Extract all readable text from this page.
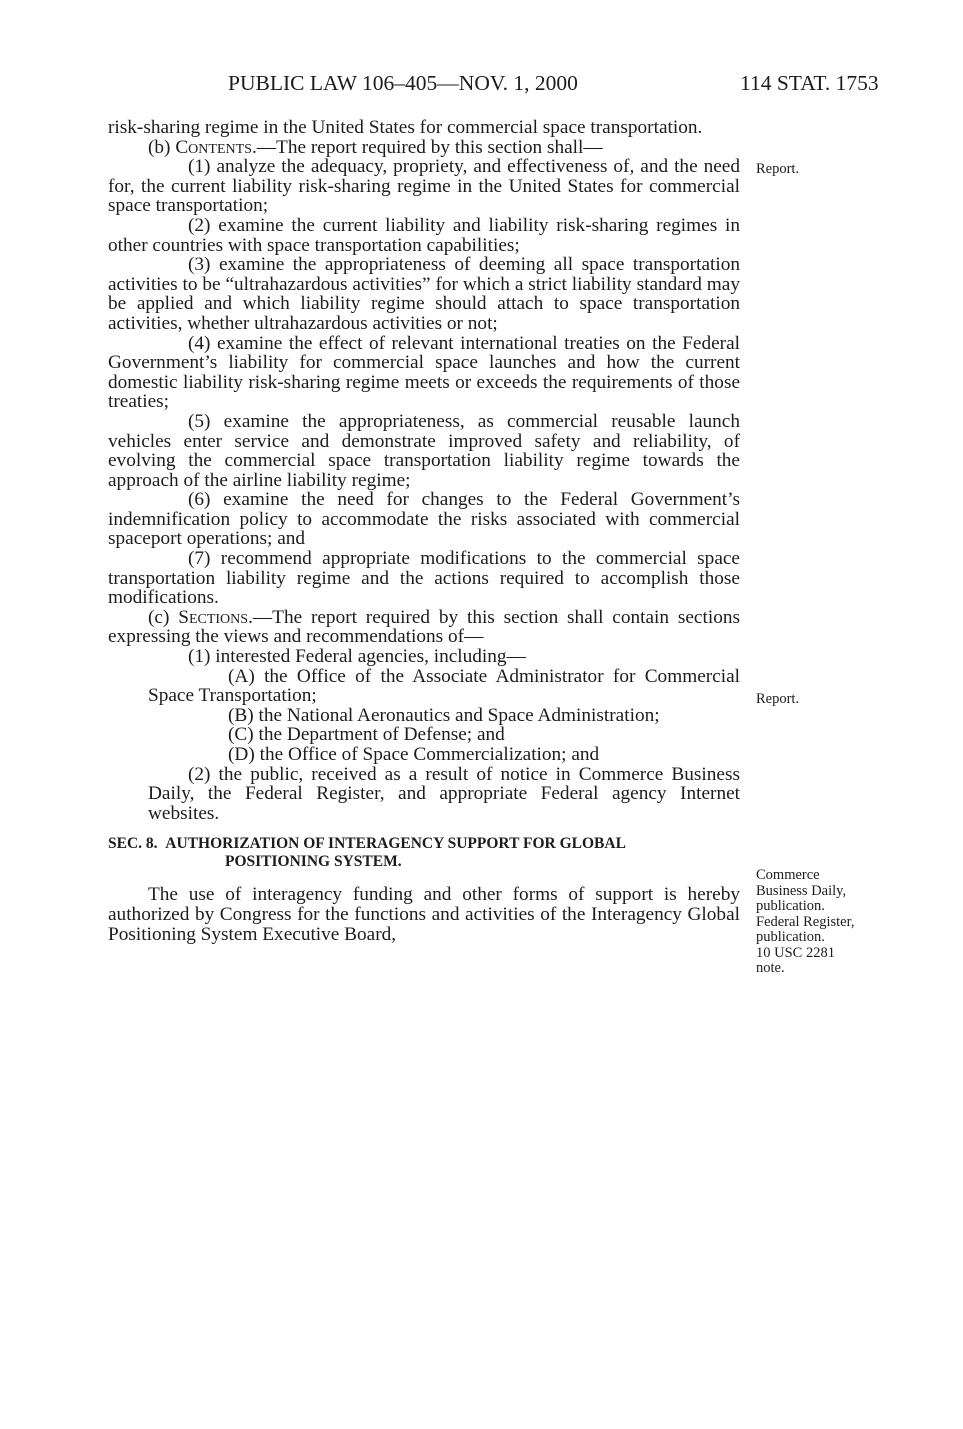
PUBLIC LAW 106–405—NOV. 1, 2000	114 STAT. 1753

risk-sharing regime in the United States for commercial space transportation.

(b) Contents.—The report required by this section shall—

(1) analyze the adequacy, propriety, and effectiveness of, and the need for, the current liability risk-sharing regime in the United States for commercial space transportation;

(2) examine the current liability and liability risk-sharing regimes in other countries with space transportation capabilities;

(3) examine the appropriateness of deeming all space transportation activities to be “ultrahazardous activities” for which a strict liability standard may be applied and which liability regime should attach to space transportation activities, whether ultrahazardous activities or not;

(4) examine the effect of relevant international treaties on the Federal Government’s liability for commercial space launches and how the current domestic liability risk-sharing regime meets or exceeds the requirements of those treaties;

(5) examine the appropriateness, as commercial reusable launch vehicles enter service and demonstrate improved safety and reliability, of evolving the commercial space transportation liability regime towards the approach of the airline liability regime;

(6) examine the need for changes to the Federal Government’s indemnification policy to accommodate the risks associated with commercial spaceport operations; and

(7) recommend appropriate modifications to the commercial space transportation liability regime and the actions required to accomplish those modifications.

(c) Sections.—The report required by this section shall contain sections expressing the views and recommendations of—

(1) interested Federal agencies, including—

(A) the Office of the Associate Administrator for Commercial Space Transportation;

(B) the National Aeronautics and Space Administration;

(C) the Department of Defense; and

(D) the Office of Space Commercialization; and

(2) the public, received as a result of notice in Commerce Business Daily, the Federal Register, and appropriate Federal agency Internet websites.

SEC. 8. AUTHORIZATION OF INTERAGENCY SUPPORT FOR GLOBAL
POSITIONING SYSTEM.

The use of interagency funding and other forms of support is hereby authorized by Congress for the functions and activities of the Interagency Global Positioning System Executive Board,

Report.

Report.

Commerce

Business Daily,

publication.

Federal Register,

publication.

10 USC 2281

note.
